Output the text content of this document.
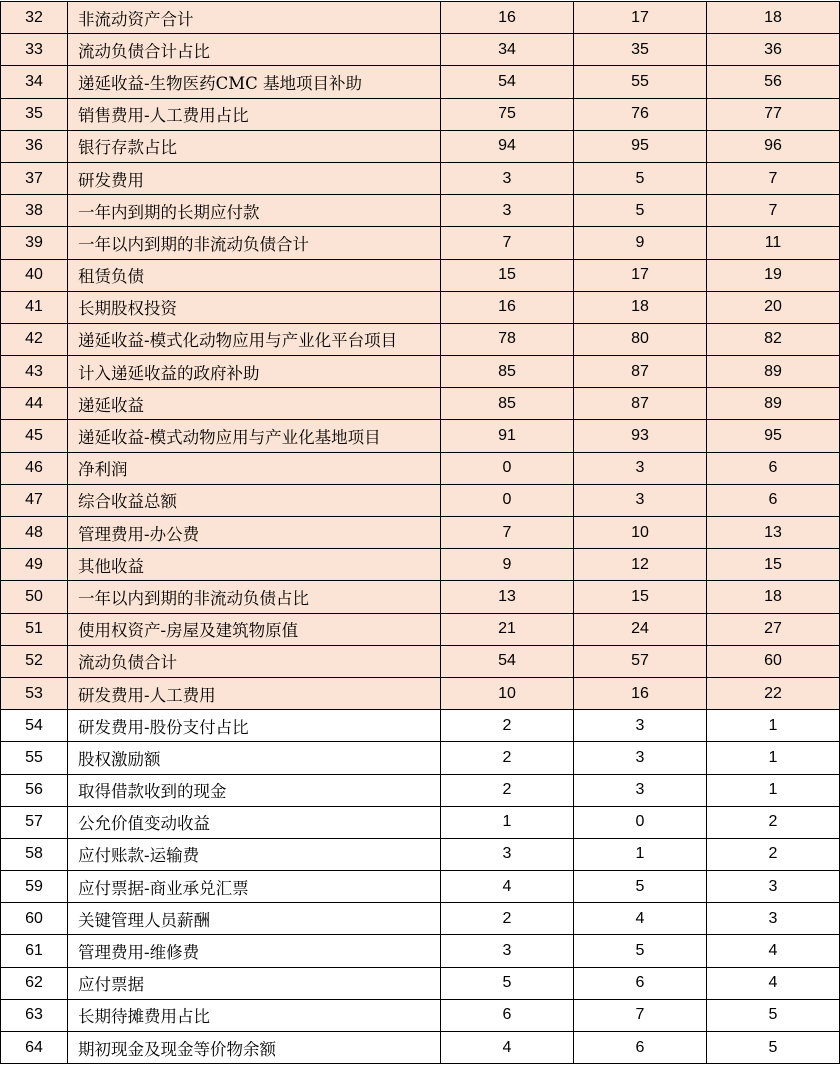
32	非流动资产合计	16	17	18
33	流动负债合计占比	34	35	36
34	递延收益-生物医药CMC 基地项目补助	54	55	56
35	销售费用-人工费用占比	75	76	77
36	银行存款占比	94	95	96
37	研发费用	3	5	7
38	一年内到期的长期应付款	3	5	7
39	一年以内到期的非流动负债合计	7	9	11
40	租赁负债	15	17	19
41	长期股权投资	16	18	20
42	递延收益-模式化动物应用与产业化平台项目	78	80	82
43	计入递延收益的政府补助	85	87	89
44	递延收益	85	87	89
45	递延收益-模式动物应用与产业化基地项目	91	93	95
46	净利润	0	3	6
47	综合收益总额	0	3	6
48	管理费用-办公费	7	10	13
49	其他收益	9	12	15
50	一年以内到期的非流动负债占比	13	15	18
51	使用权资产-房屋及建筑物原值	21	24	27
52	流动负债合计	54	57	60
53	研发费用-人工费用	10	16	22
54	研发费用-股份支付占比	2	3	1
55	股权激励额	2	3	1
56	取得借款收到的现金	2	3	1
57	公允价值变动收益	1	0	2
58	应付账款-运输费	3	1	2
59	应付票据-商业承兑汇票	4	5	3
60	关键管理人员薪酬	2	4	3
61	管理费用-维修费	3	5	4
62	应付票据	5	6	4
63	长期待摊费用占比	6	7	5
64	期初现金及现金等价物余额	4	6	5
